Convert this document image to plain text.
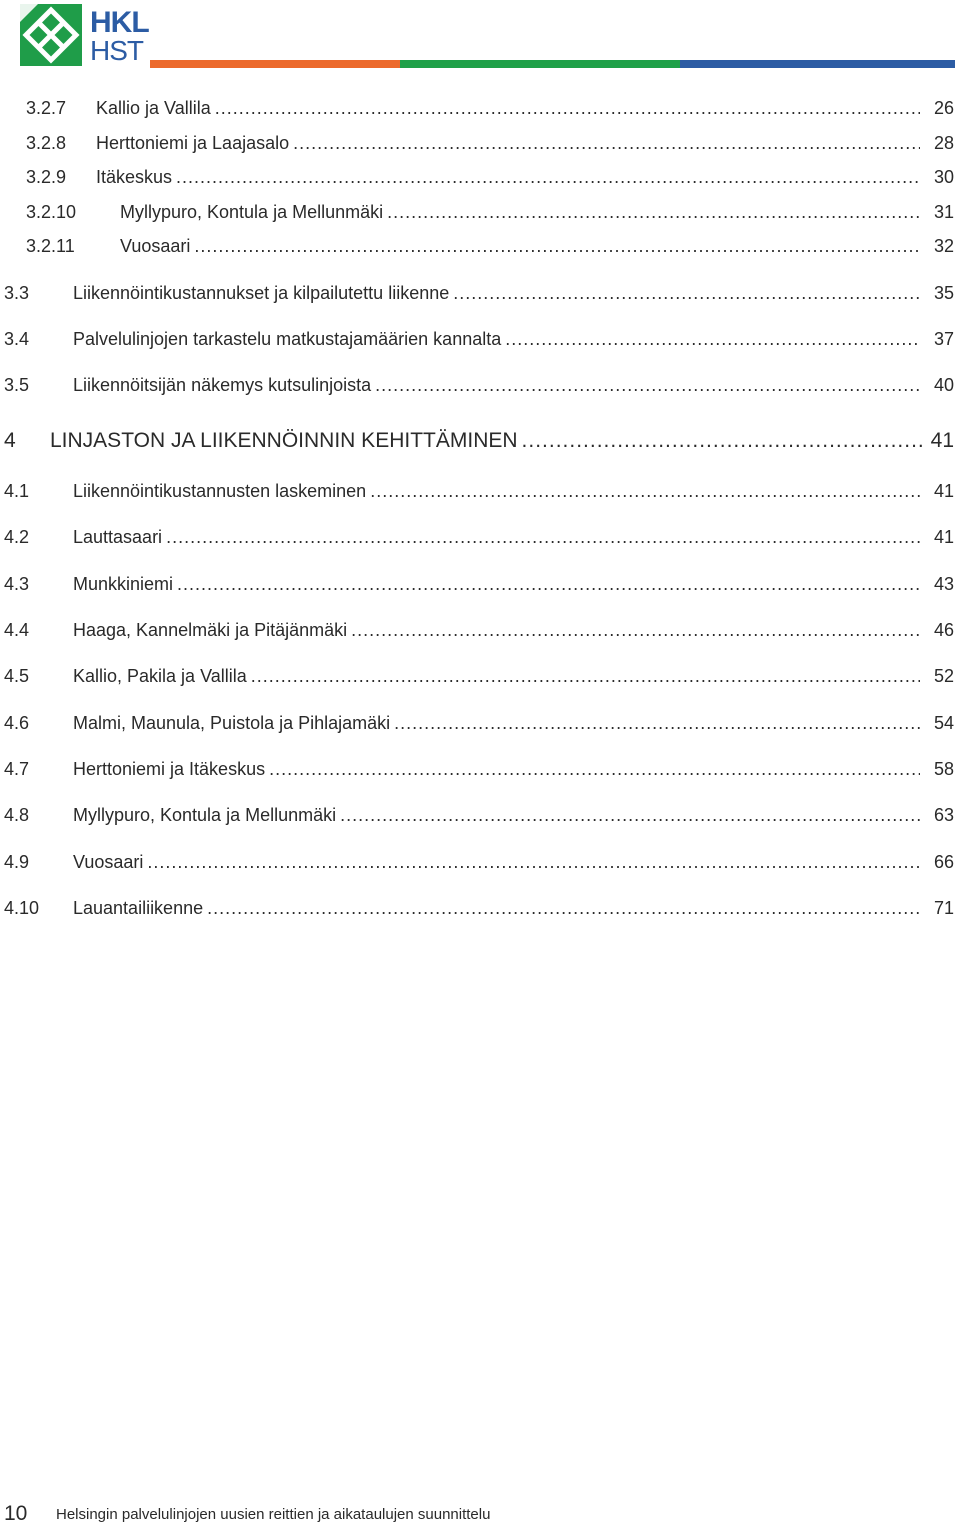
HKL
HST
3.2.7 Kallio ja Vallila .....	26
3.2.8 Herttoniemi ja Laajasalo .....	28
3.2.9 Itäkeskus .....	30
3.2.10 Myllypuro, Kontula ja Mellunmäki .....	31
3.2.11	Vuosaari .....	32
3.3 Liikennöintikustannukset ja kilpailutettu liikenne .....	35
3.4 Palvelulinjojen tarkastelu matkustajamäärien kannalta .....	37
3.5 Liikennöitsijän näkemys kutsulinjoista .....	40
4 LINJASTON JA LIIKENNÖINNIN KEHITTÄMINEN .....	41
4.1 Liikennöintikustannusten laskeminen .....	41
4.2 Lauttasaari .....	41
4.3 Munkkiniemi .....	43
4.4 Haaga, Kannelmäki ja Pitäjänmäki .....	46
4.5 Kallio, Pakila ja Vallila .....	52
4.6 Malmi, Maunula, Puistola ja Pihlajamäki .....	54
4.7 Herttoniemi ja Itäkeskus .....	58
4.8 Myllypuro, Kontula ja Mellunmäki .....	63
4.9 Vuosaari .....	66
4.10 Lauantailiikenne .....	71
10 Helsingin palvelulinjojen uusien reittien ja aikataulujen suunnittelu
